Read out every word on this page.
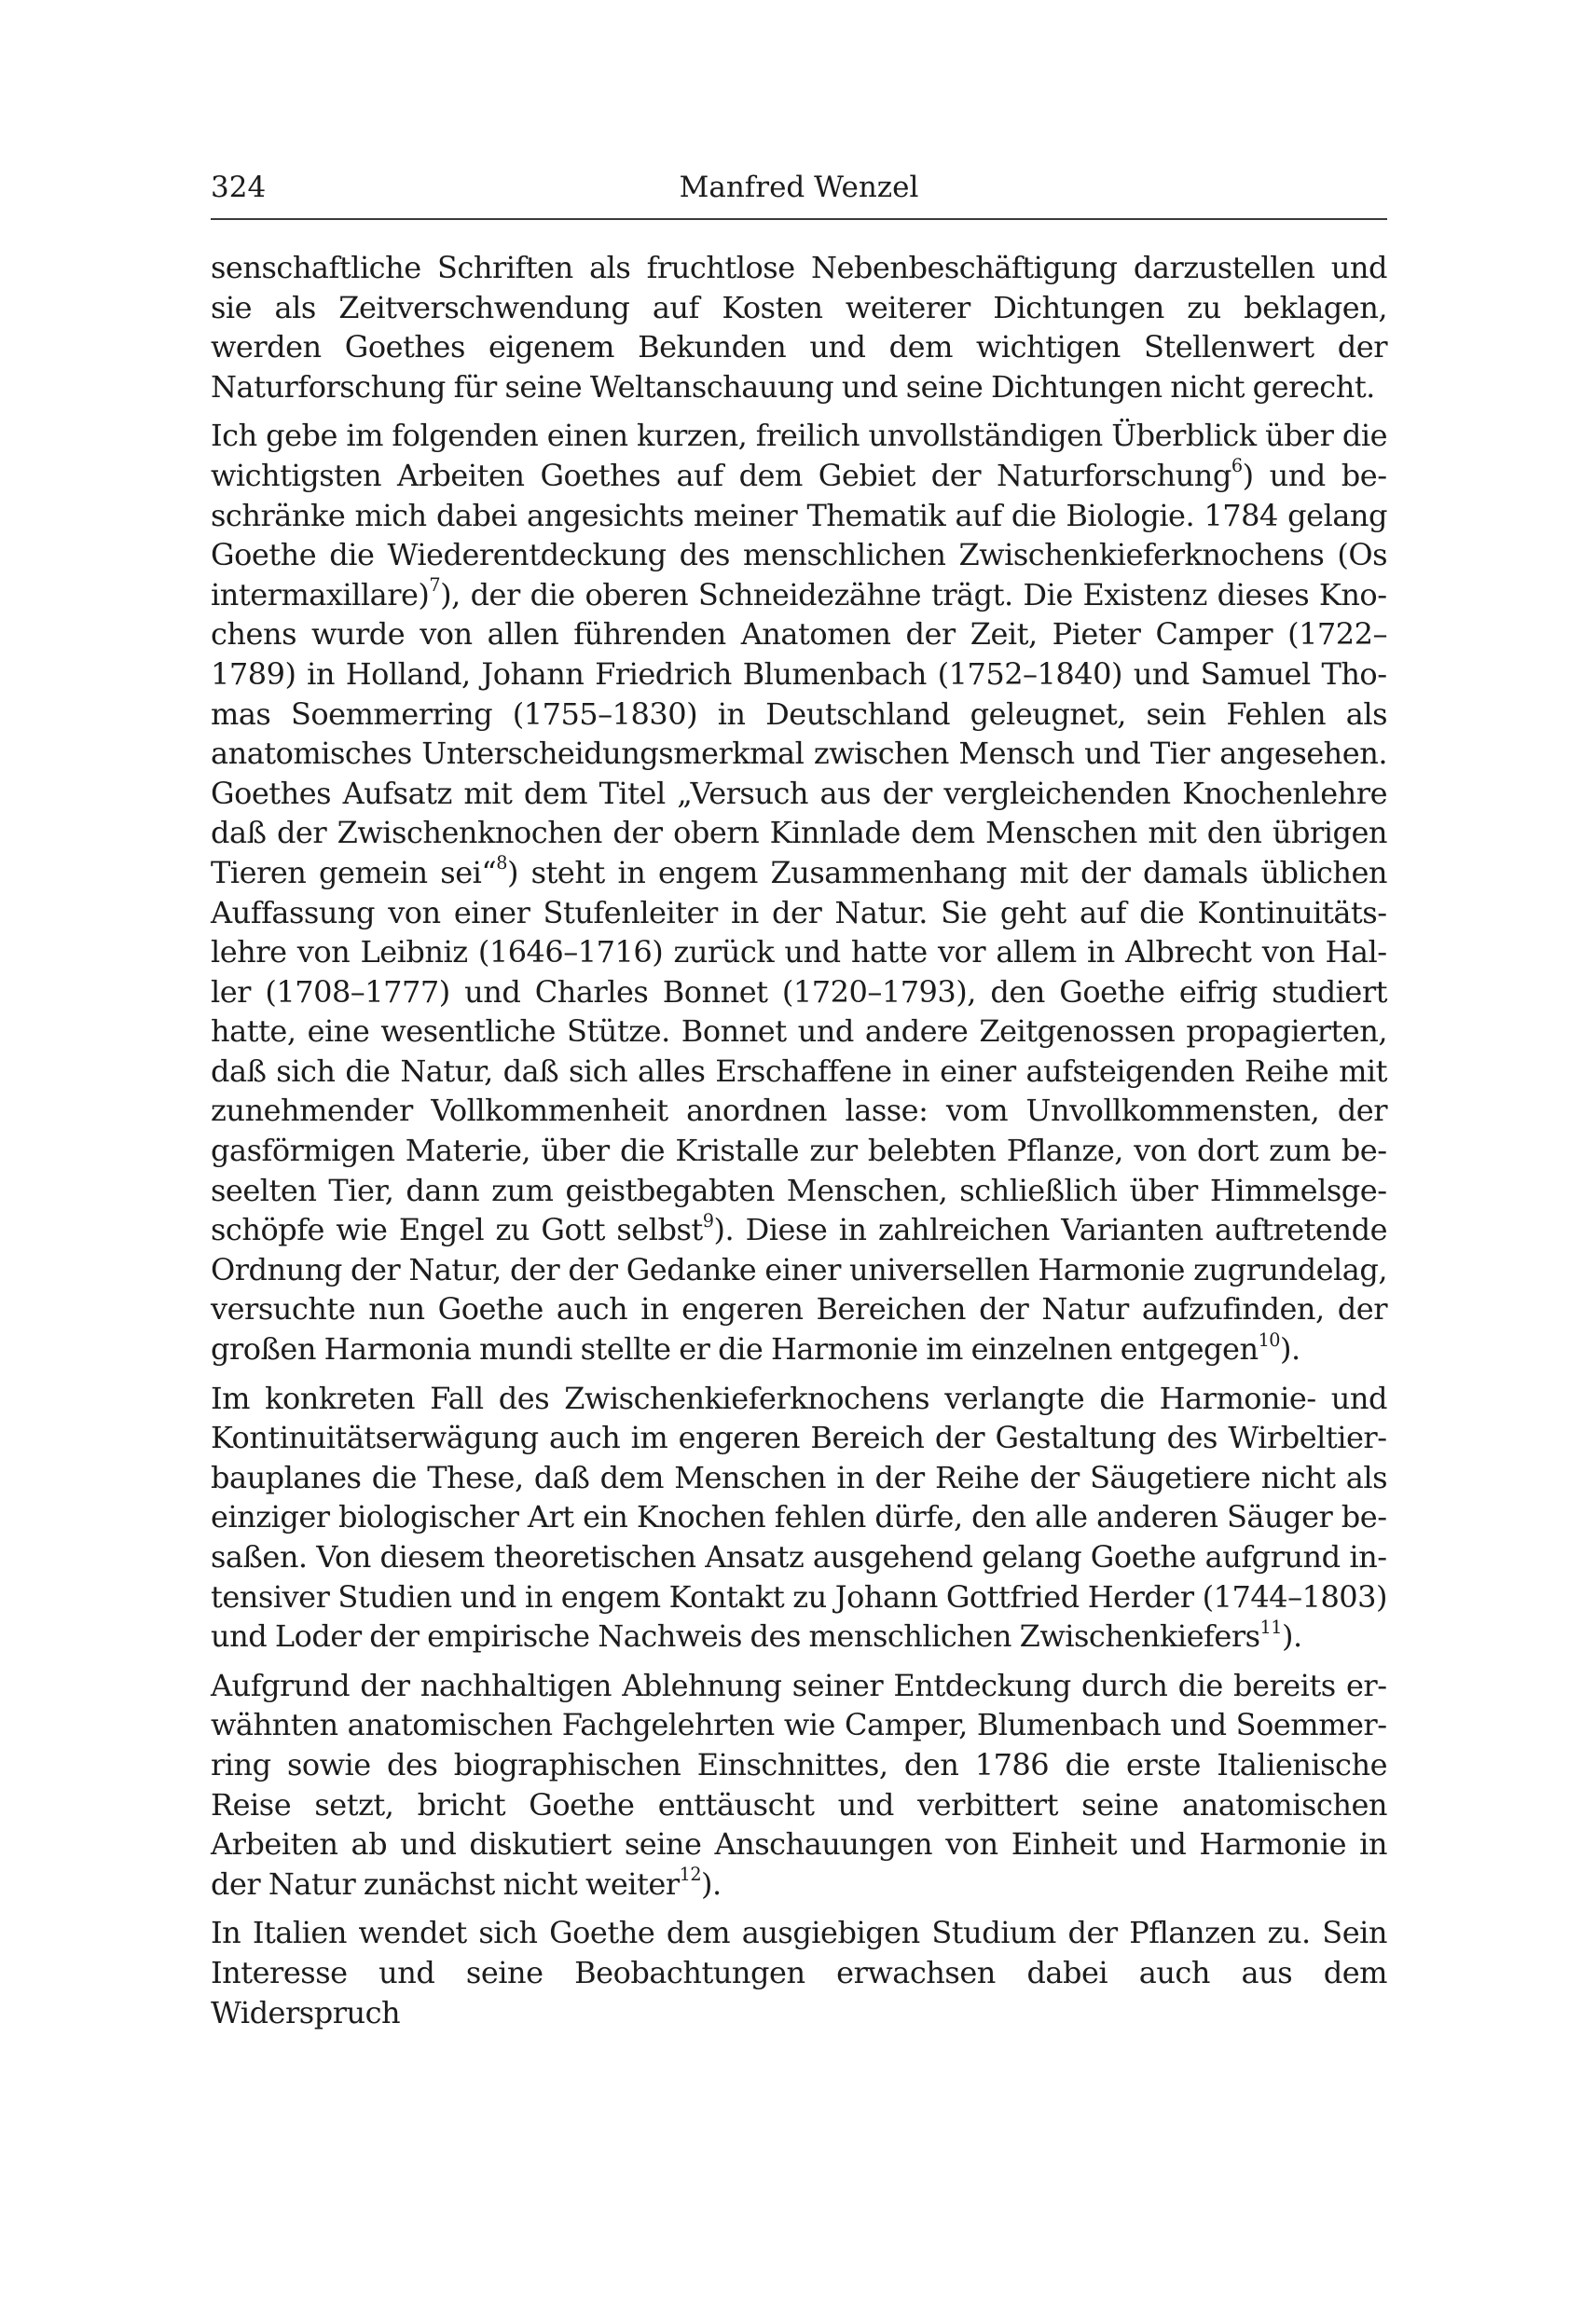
324	Manfred Wenzel

senschaftliche Schriften als fruchtlose Nebenbeschäftigung darzustellen und sie als Zeitverschwendung auf Kosten weiterer Dichtungen zu beklagen, werden Goethes eigenem Bekunden und dem wichtigen Stellenwert der Naturforschung für seine Weltanschauung und seine Dichtungen nicht gerecht.

Ich gebe im folgenden einen kurzen, freilich unvollständigen Überblick über die wichtigsten Arbeiten Goethes auf dem Gebiet der Naturforschung$^6$) und beschränke mich dabei angesichts meiner Thematik auf die Biologie. 1784 gelang Goethe die Wiederentdeckung des menschlichen Zwischenkieferknochens (Os intermaxillare)$^7$), der die oberen Schneidezähne trägt. Die Existenz dieses Knochens wurde von allen führenden Anatomen der Zeit, Pieter Camper (1722–1789) in Holland, Johann Friedrich Blumenbach (1752–1840) und Samuel Thomas Soemmerring (1755–1830) in Deutschland geleugnet, sein Fehlen als anatomisches Unterscheidungsmerkmal zwischen Mensch und Tier angesehen. Goethes Aufsatz mit dem Titel „Versuch aus der vergleichenden Knochenlehre daß der Zwischenknochen der obern Kinnlade dem Menschen mit den übrigen Tieren gemein sei“$^8$) steht in engem Zusammenhang mit der damals üblichen Auffassung von einer Stufenleiter in der Natur. Sie geht auf die Kontinuitätslehre von Leibniz (1646–1716) zurück und hatte vor allem in Albrecht von Haller (1708–1777) und Charles Bonnet (1720–1793), den Goethe eifrig studiert hatte, eine wesentliche Stütze. Bonnet und andere Zeitgenossen propagierten, daß sich die Natur, daß sich alles Erschaffene in einer aufsteigenden Reihe mit zunehmender Vollkommenheit anordnen lasse: vom Unvollkommensten, der gasförmigen Materie, über die Kristalle zur belebten Pflanze, von dort zum beseelten Tier, dann zum geistbegabten Menschen, schließlich über Himmelsgeschöpfe wie Engel zu Gott selbst$^9$). Diese in zahlreichen Varianten auftretende Ordnung der Natur, der der Gedanke einer universellen Harmonie zugrundelag, versuchte nun Goethe auch in engeren Bereichen der Natur aufzufinden, der großen Harmonia mundi stellte er die Harmonie im einzelnen entgegen$^{10}$).

Im konkreten Fall des Zwischenkieferknochens verlangte die Harmonie- und Kontinuitätserwägung auch im engeren Bereich der Gestaltung des Wirbeltierbauplanes die These, daß dem Menschen in der Reihe der Säugetiere nicht als einziger biologischer Art ein Knochen fehlen dürfe, den alle anderen Säuger besaßen. Von diesem theoretischen Ansatz ausgehend gelang Goethe aufgrund intensiver Studien und in engem Kontakt zu Johann Gottfried Herder (1744–1803) und Loder der empirische Nachweis des menschlichen Zwischenkiefers$^{11}$).

Aufgrund der nachhaltigen Ablehnung seiner Entdeckung durch die bereits erwähnten anatomischen Fachgelehrten wie Camper, Blumenbach und Soemmerring sowie des biographischen Einschnittes, den 1786 die erste Italienische Reise setzt, bricht Goethe enttäuscht und verbittert seine anatomischen Arbeiten ab und diskutiert seine Anschauungen von Einheit und Harmonie in der Natur zunächst nicht weiter$^{12}$).

In Italien wendet sich Goethe dem ausgiebigen Studium der Pflanzen zu. Sein Interesse und seine Beobachtungen erwachsen dabei auch aus dem Widerspruch
